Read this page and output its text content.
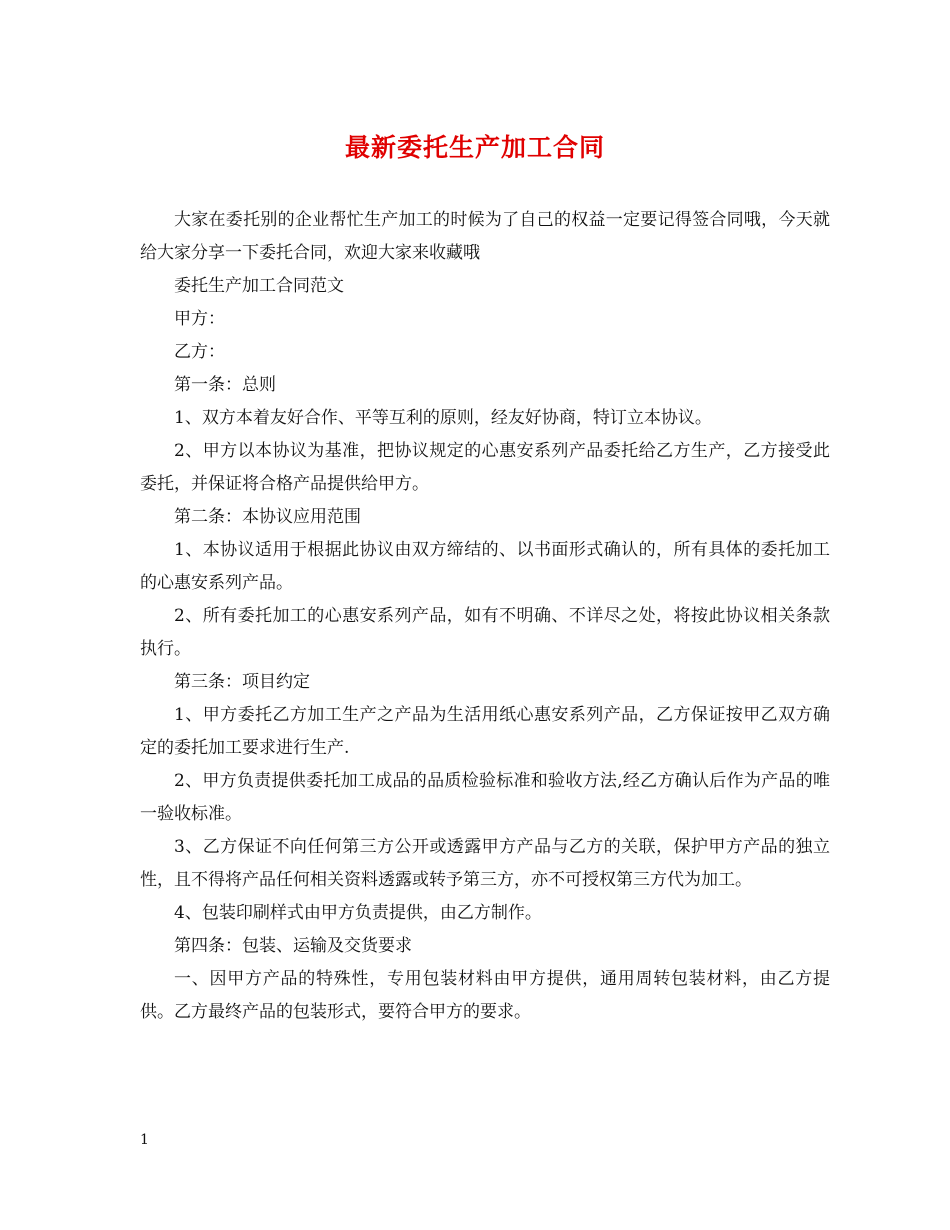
最新委托生产加工合同

大家在委托别的企业帮忙生产加工的时候为了自己的权益一定要记得签合同哦，今天就给大家分享一下委托合同，欢迎大家来收藏哦

委托生产加工合同范文

甲方：

乙方：

第一条：总则

1、双方本着友好合作、平等互利的原则，经友好协商，特订立本协议。

2、甲方以本协议为基准，把协议规定的心惠安系列产品委托给乙方生产，乙方接受此委托，并保证将合格产品提供给甲方。

第二条：本协议应用范围

1、本协议适用于根据此协议由双方缔结的、以书面形式确认的，所有具体的委托加工的心惠安系列产品。

2、所有委托加工的心惠安系列产品，如有不明确、不详尽之处，将按此协议相关条款执行。

第三条：项目约定

1、甲方委托乙方加工生产之产品为生活用纸心惠安系列产品，乙方保证按甲乙双方确定的委托加工要求进行生产.

2、甲方负责提供委托加工成品的品质检验标准和验收方法,经乙方确认后作为产品的唯一验收标准。

3、乙方保证不向任何第三方公开或透露甲方产品与乙方的关联，保护甲方产品的独立性，且不得将产品任何相关资料透露或转予第三方，亦不可授权第三方代为加工。

4、包装印刷样式由甲方负责提供，由乙方制作。

第四条：包装、运输及交货要求

一、因甲方产品的特殊性，专用包装材料由甲方提供，通用周转包装材料，由乙方提供。乙方最终产品的包装形式，要符合甲方的要求。

1
